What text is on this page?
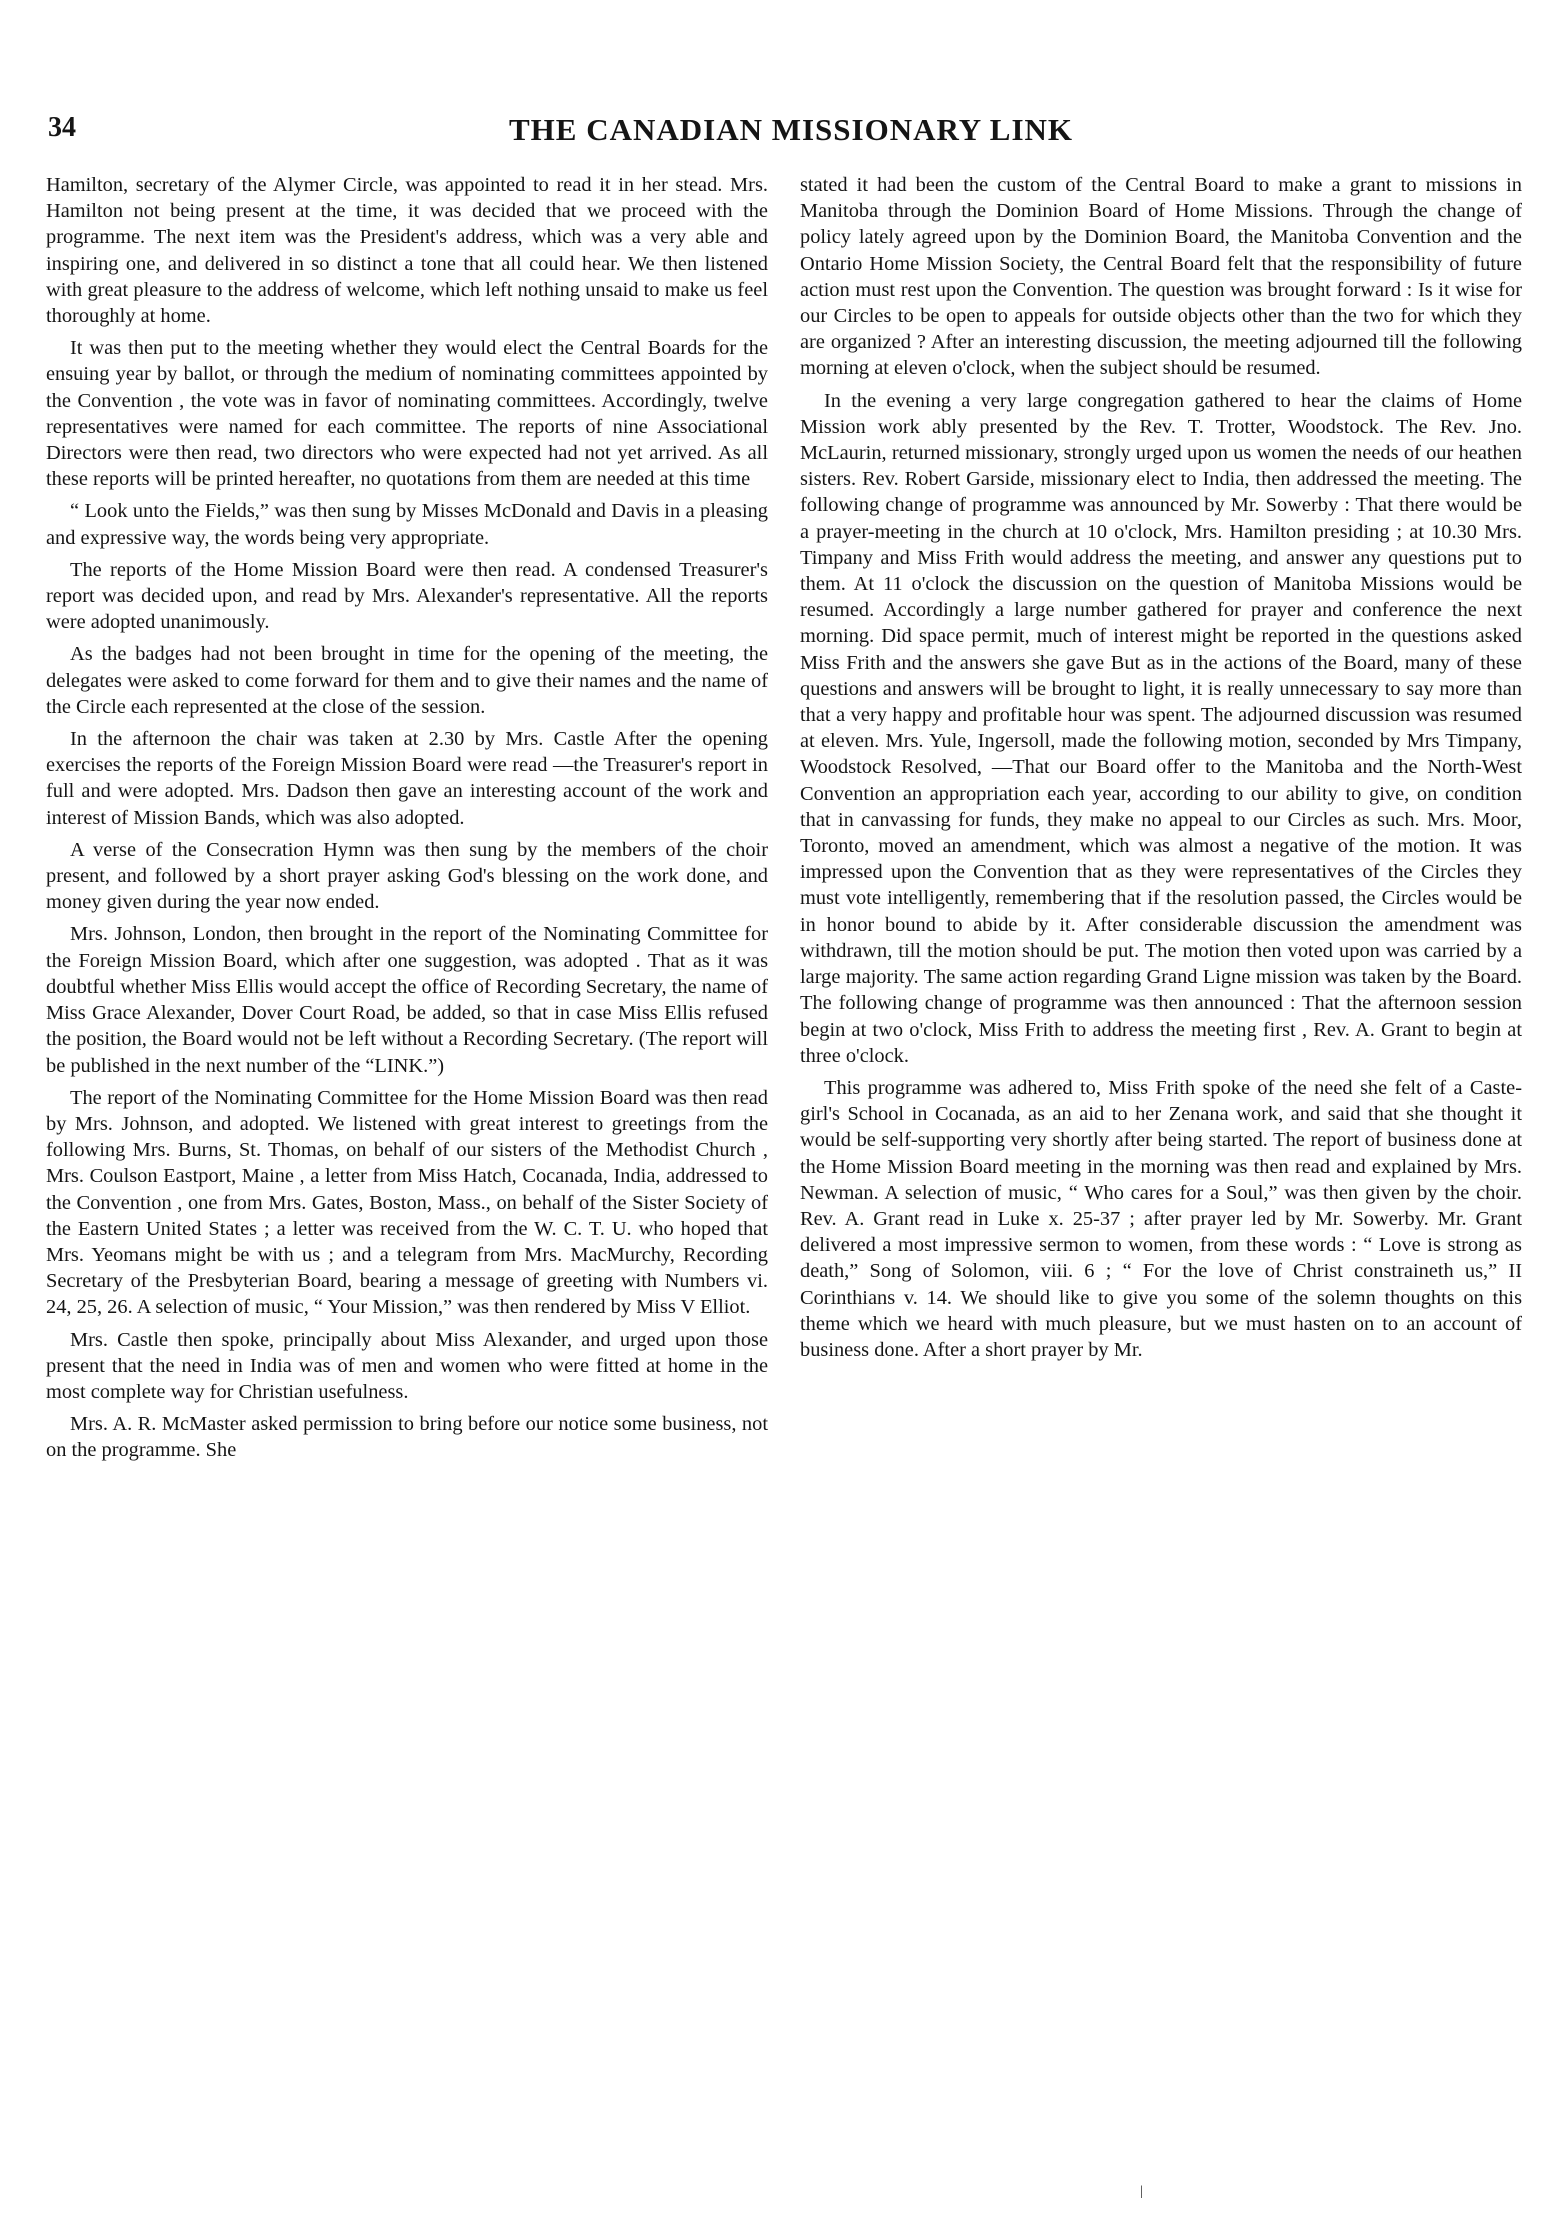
34	THE CANADIAN MISSIONARY LINK

Hamilton, secretary of the Alymer Circle, was appointed to read it in her stead. Mrs. Hamilton not being present at the time, it was decided that we proceed with the programme. The next item was the President's address, which was a very able and inspiring one, and delivered in so distinct a tone that all could hear. We then listened with great pleasure to the address of welcome, which left nothing unsaid to make us feel thoroughly at home.

It was then put to the meeting whether they would elect the Central Boards for the ensuing year by ballot, or through the medium of nominating committees appointed by the Convention , the vote was in favor of nominating committees. Accordingly, twelve representatives were named for each committee. The reports of nine Associational Directors were then read, two directors who were expected had not yet arrived. As all these reports will be printed hereafter, no quotations from them are needed at this time

“ Look unto the Fields,” was then sung by Misses McDonald and Davis in a pleasing and expressive way, the words being very appropriate.

The reports of the Home Mission Board were then read. A condensed Treasurer's report was decided upon, and read by Mrs. Alexander's representative. All the reports were adopted unanimously.

As the badges had not been brought in time for the opening of the meeting, the delegates were asked to come forward for them and to give their names and the name of the Circle each represented at the close of the session.

In the afternoon the chair was taken at 2.30 by Mrs. Castle After the opening exercises the reports of the Foreign Mission Board were read —the Treasurer's report in full and were adopted. Mrs. Dadson then gave an interesting account of the work and interest of Mission Bands, which was also adopted.

A verse of the Consecration Hymn was then sung by the members of the choir present, and followed by a short prayer asking God's blessing on the work done, and money given during the year now ended.

Mrs. Johnson, London, then brought in the report of the Nominating Committee for the Foreign Mission Board, which after one suggestion, was adopted . That as it was doubtful whether Miss Ellis would accept the office of Recording Secretary, the name of Miss Grace Alexander, Dover Court Road, be added, so that in case Miss Ellis refused the position, the Board would not be left without a Recording Secretary. (The report will be published in the next number of the “LINK.”)

The report of the Nominating Committee for the Home Mission Board was then read by Mrs. Johnson, and adopted. We listened with great interest to greetings from the following Mrs. Burns, St. Thomas, on behalf of our sisters of the Methodist Church , Mrs. Coulson Eastport, Maine , a letter from Miss Hatch, Cocanada, India, addressed to the Convention , one from Mrs. Gates, Boston, Mass., on behalf of the Sister Society of the Eastern United States ; a letter was received from the W. C. T. U. who hoped that Mrs. Yeomans might be with us ; and a telegram from Mrs. MacMurchy, Recording Secretary of the Presbyterian Board, bearing a message of greeting with Numbers vi. 24, 25, 26. A selection of music, “ Your Mission,” was then rendered by Miss V Elliot.

Mrs. Castle then spoke, principally about Miss Alexander, and urged upon those present that the need in India was of men and women who were fitted at home in the most complete way for Christian usefulness.

Mrs. A. R. McMaster asked permission to bring before our notice some business, not on the programme. She

stated it had been the custom of the Central Board to make a grant to missions in Manitoba through the Dominion Board of Home Missions. Through the change of policy lately agreed upon by the Dominion Board, the Manitoba Convention and the Ontario Home Mission Society, the Central Board felt that the responsibility of future action must rest upon the Convention. The question was brought forward : Is it wise for our Circles to be open to appeals for outside objects other than the two for which they are organized ? After an interesting discussion, the meeting adjourned till the following morning at eleven o'clock, when the subject should be resumed.

In the evening a very large congregation gathered to hear the claims of Home Mission work ably presented by the Rev. T. Trotter, Woodstock. The Rev. Jno. McLaurin, returned missionary, strongly urged upon us women the needs of our heathen sisters. Rev. Robert Garside, missionary elect to India, then addressed the meeting. The following change of programme was announced by Mr. Sowerby : That there would be a prayer-meeting in the church at 10 o'clock, Mrs. Hamilton presiding ; at 10.30 Mrs. Timpany and Miss Frith would address the meeting, and answer any questions put to them. At 11 o'clock the discussion on the question of Manitoba Missions would be resumed. Accordingly a large number gathered for prayer and conference the next morning. Did space permit, much of interest might be reported in the questions asked Miss Frith and the answers she gave But as in the actions of the Board, many of these questions and answers will be brought to light, it is really unnecessary to say more than that a very happy and profitable hour was spent. The adjourned discussion was resumed at eleven. Mrs. Yule, Ingersoll, made the following motion, seconded by Mrs Timpany, Woodstock Resolved, —That our Board offer to the Manitoba and the North-West Convention an appropriation each year, according to our ability to give, on condition that in canvassing for funds, they make no appeal to our Circles as such. Mrs. Moor, Toronto, moved an amendment, which was almost a negative of the motion. It was impressed upon the Convention that as they were representatives of the Circles they must vote intelligently, remembering that if the resolution passed, the Circles would be in honor bound to abide by it. After considerable discussion the amendment was withdrawn, till the motion should be put. The motion then voted upon was carried by a large majority. The same action regarding Grand Ligne mission was taken by the Board. The following change of programme was then announced : That the afternoon session begin at two o'clock, Miss Frith to address the meeting first , Rev. A. Grant to begin at three o'clock.

This programme was adhered to, Miss Frith spoke of the need she felt of a Caste-girl's School in Cocanada, as an aid to her Zenana work, and said that she thought it would be self-supporting very shortly after being started. The report of business done at the Home Mission Board meeting in the morning was then read and explained by Mrs. Newman. A selection of music, “ Who cares for a Soul,” was then given by the choir. Rev. A. Grant read in Luke x. 25-37 ; after prayer led by Mr. Sowerby. Mr. Grant delivered a most impressive sermon to women, from these words : “ Love is strong as death,” Song of Solomon, viii. 6 ; “ For the love of Christ constraineth us,” II Corinthians v. 14. We should like to give you some of the solemn thoughts on this theme which we heard with much pleasure, but we must hasten on to an account of business done. After a short prayer by Mr.

|
